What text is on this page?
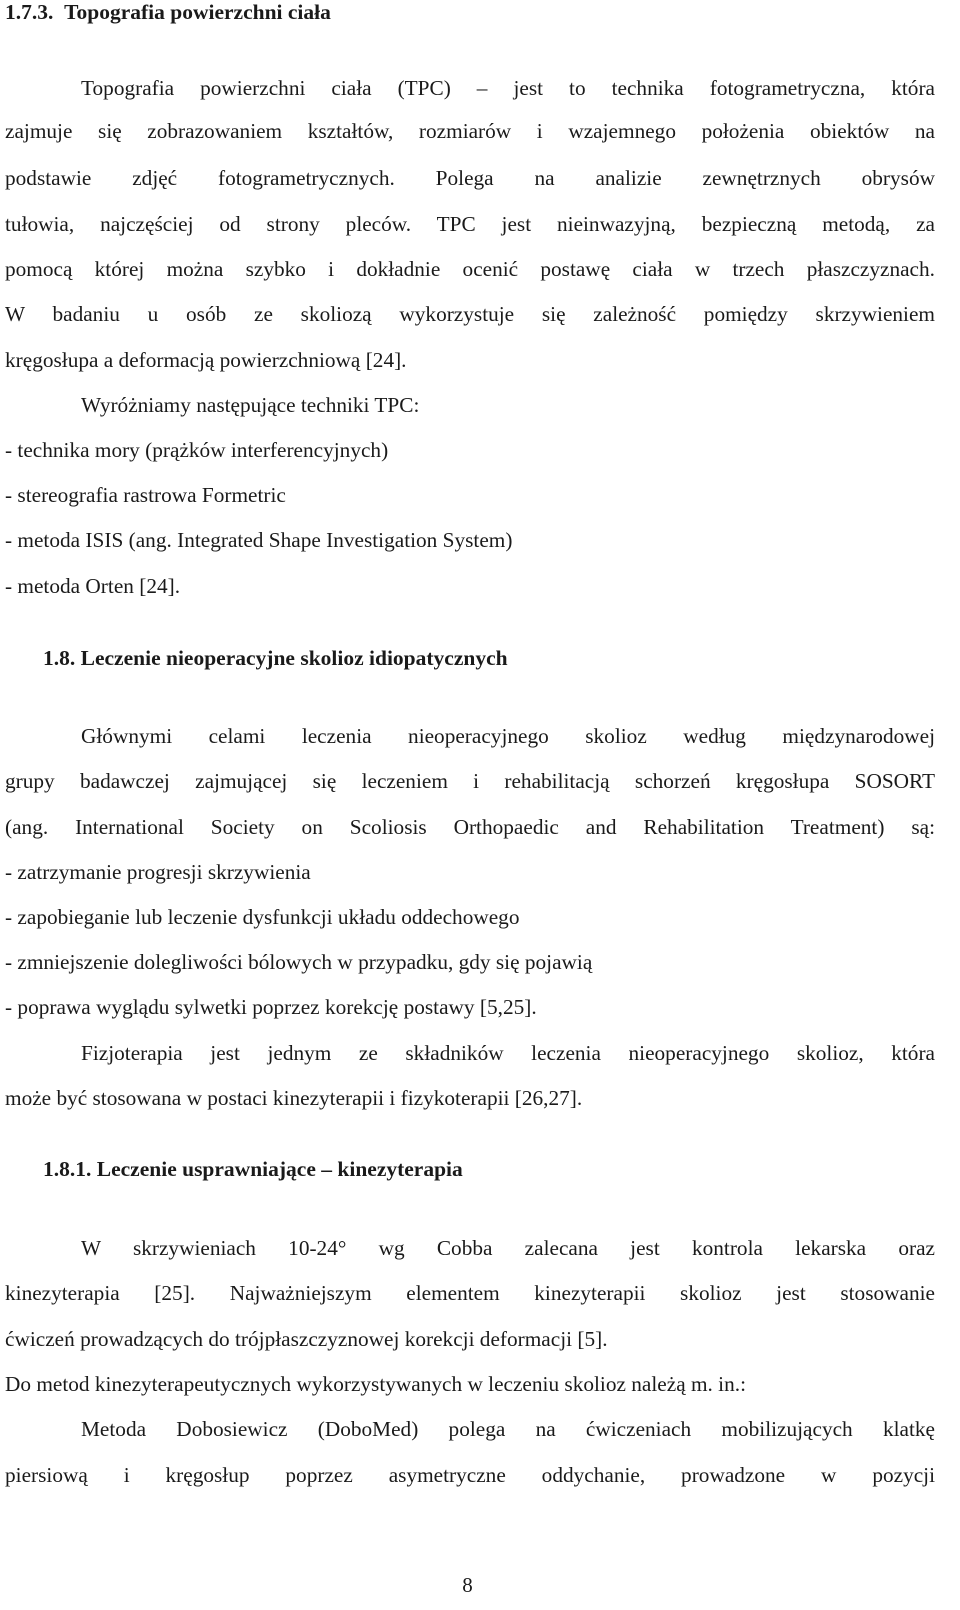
1.7.3. Topografia powierzchni ciała
Topografia powierzchni ciała (TPC) – jest to technika fotogrametryczna, która
zajmuje się zobrazowaniem kształtów, rozmiarów i wzajemnego położenia obiektów na
podstawie zdjęć fotogrametrycznych. Polega na analizie zewnętrznych obrysów
tułowia, najczęściej od strony pleców. TPC jest nieinwazyjną, bezpieczną metodą, za
pomocą której można szybko i dokładnie ocenić postawę ciała w trzech płaszczyznach.
W badaniu u osób ze skoliozą wykorzystuje się zależność pomiędzy skrzywieniem
kręgosłupa a deformacją powierzchniową [24].
Wyróżniamy następujące techniki TPC:
- technika mory (prążków interferencyjnych)
- stereografia rastrowa Formetric
- metoda ISIS (ang. Integrated Shape Investigation System)
- metoda Orten [24].
1.8. Leczenie nieoperacyjne skolioz idiopatycznych
Głównymi celami leczenia nieoperacyjnego skolioz według międzynarodowej
grupy badawczej zajmującej się leczeniem i rehabilitacją schorzeń kręgosłupa SOSORT
(ang. International Society on Scoliosis Orthopaedic and Rehabilitation Treatment) są:
- zatrzymanie progresji skrzywienia
- zapobieganie lub leczenie dysfunkcji układu oddechowego
- zmniejszenie dolegliwości bólowych w przypadku, gdy się pojawią
- poprawa wyglądu sylwetki poprzez korekcję postawy [5,25].
Fizjoterapia jest jednym ze składników leczenia nieoperacyjnego skolioz, która
może być stosowana w postaci kinezyterapii i fizykoterapii [26,27].
1.8.1. Leczenie usprawniające – kinezyterapia
W skrzywieniach 10-24° wg Cobba zalecana jest kontrola lekarska oraz
kinezyterapia [25]. Najważniejszym elementem kinezyterapii skolioz jest stosowanie
ćwiczeń prowadzących do trójpłaszczyznowej korekcji deformacji [5].
Do metod kinezyterapeutycznych wykorzystywanych w leczeniu skolioz należą m. in.:
Metoda Dobosiewicz (DoboMed) polega na ćwiczeniach mobilizujących klatkę
piersiową i kręgosłup poprzez asymetryczne oddychanie, prowadzone w pozycji
8
